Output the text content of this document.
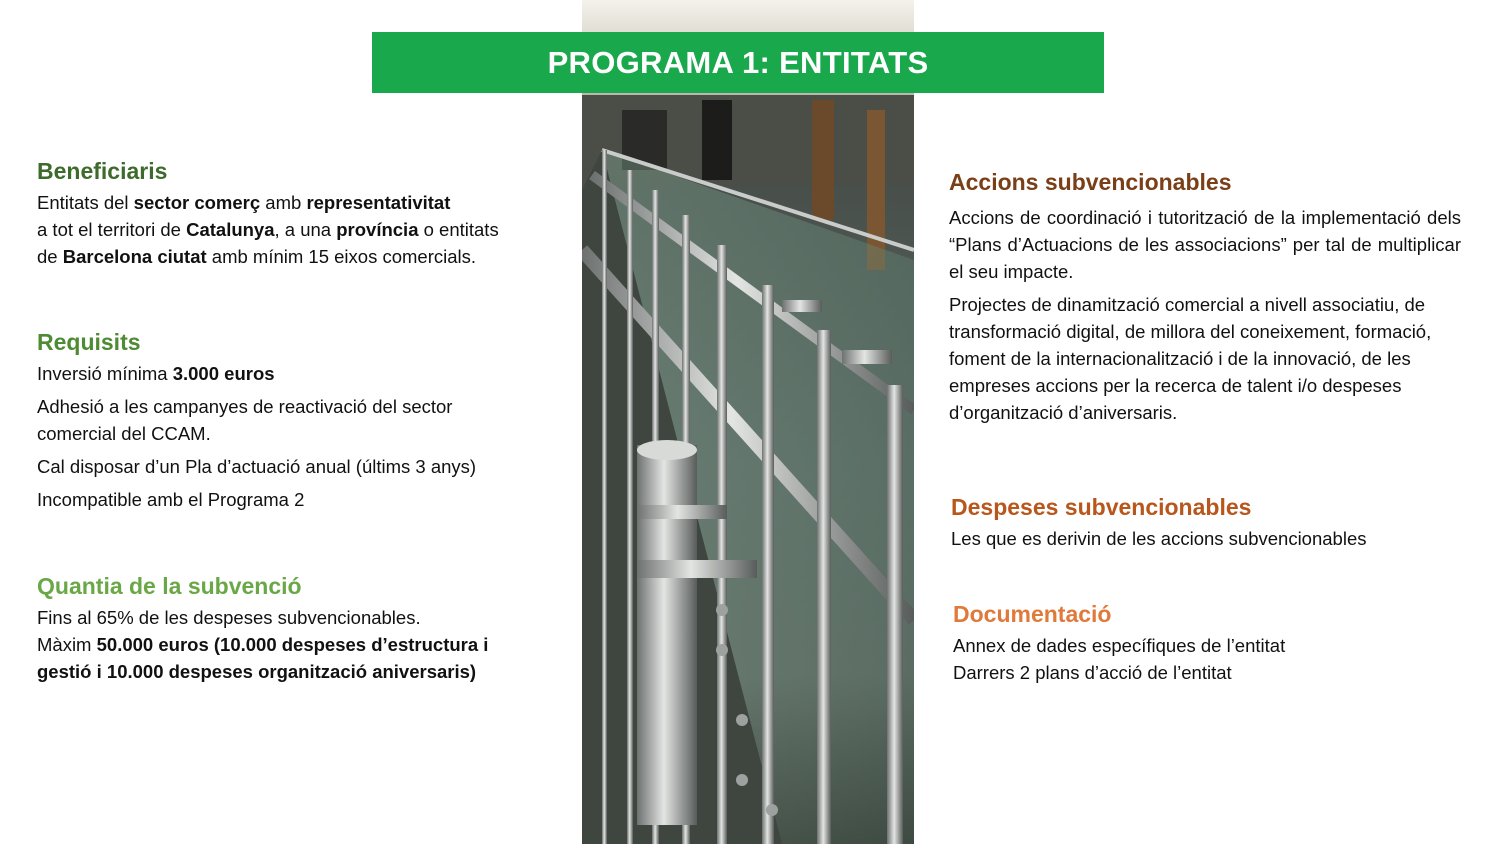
PROGRAMA 1: ENTITATS
Beneficiaris

Entitats del sector comerç amb representativitat

a tot el territori de Catalunya, a una província o entitats

de Barcelona ciutat amb mínim 15 eixos comercials.

Requisits

Inversió mínima 3.000 euros

Adhesió a les campanyes de reactivació del sector comercial del CCAM.

Cal disposar d’un Pla d’actuació anual (últims 3 anys)

Incompatible amb el Programa 2

Quantia de la subvenció

Fins al 65% de les despeses subvencionables.

Màxim 50.000 euros (10.000 despeses d’estructura i gestió i 10.000 despeses organització aniversaris)

Accions subvencionables

Accions de coordinació i tutorització de la implementació dels “Plans d’Actuacions de les associacions” per tal de multiplicar el seu impacte.

Projectes de dinamització comercial a nivell associatiu, de transformació digital, de millora del coneixement, formació, foment de la internacionalització i de la innovació, de les empreses accions per la recerca de talent i/o despeses d’organització d’aniversaris.

Despeses subvencionables

Les que es derivin de les accions subvencionables

Documentació

Annex de dades específiques de l’entitat

Darrers 2 plans d’acció de l’entitat
